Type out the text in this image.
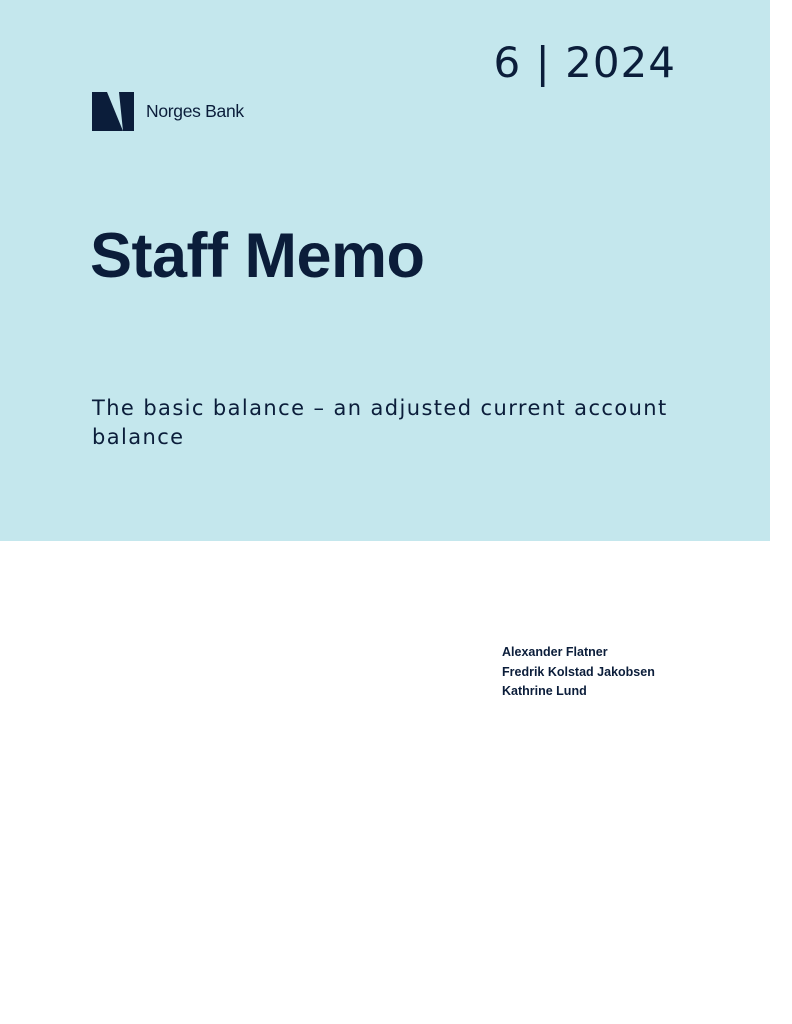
6 | 2024
Norges Bank
Staff Memo

The basic balance – an adjusted current account balance

Alexander Flatner
Fredrik Kolstad Jakobsen
Kathrine Lund
